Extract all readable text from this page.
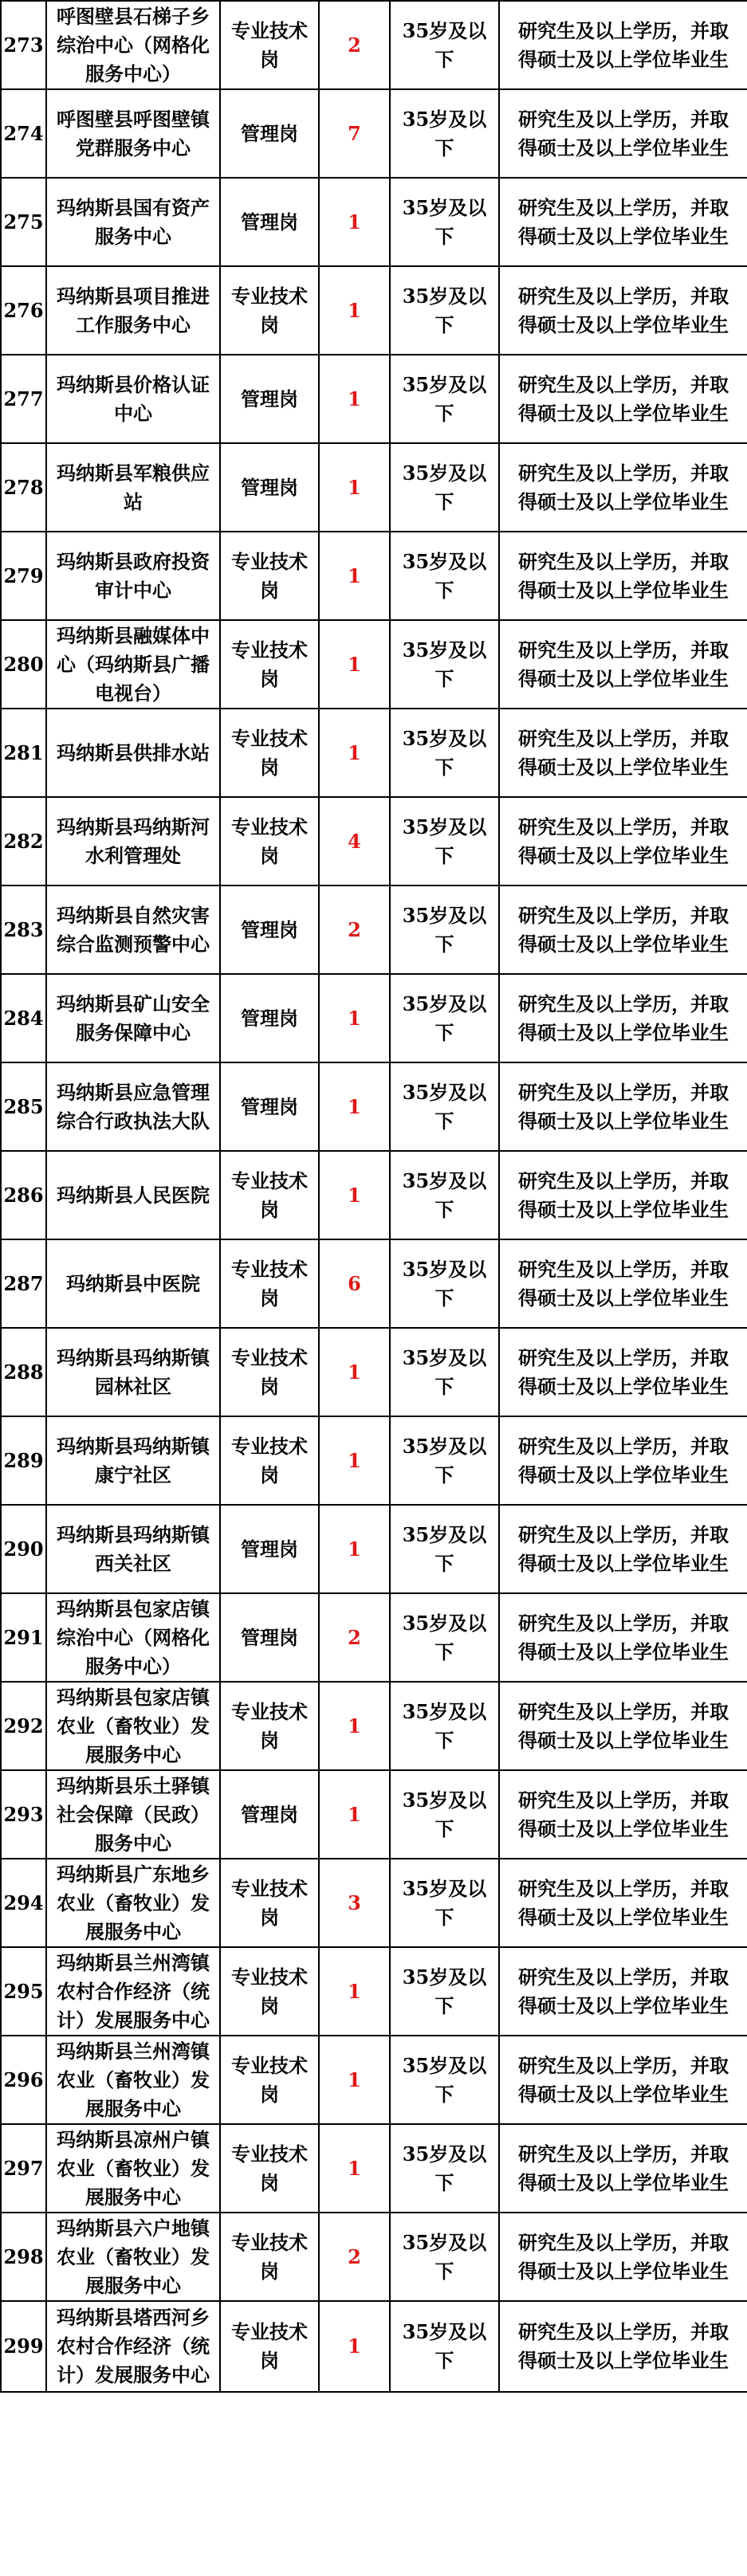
273	呼图壁县石梯子乡综治中心（网格化服务中心）	专业技术岗	2	35岁及以下	研究生及以上学历，并取得硕士及以上学位毕业生
274	呼图壁县呼图壁镇党群服务中心	管理岗	7	35岁及以下	研究生及以上学历，并取得硕士及以上学位毕业生
275	玛纳斯县国有资产服务中心	管理岗	1	35岁及以下	研究生及以上学历，并取得硕士及以上学位毕业生
276	玛纳斯县项目推进工作服务中心	专业技术岗	1	35岁及以下	研究生及以上学历，并取得硕士及以上学位毕业生
277	玛纳斯县价格认证中心	管理岗	1	35岁及以下	研究生及以上学历，并取得硕士及以上学位毕业生
278	玛纳斯县军粮供应站	管理岗	1	35岁及以下	研究生及以上学历，并取得硕士及以上学位毕业生
279	玛纳斯县政府投资审计中心	专业技术岗	1	35岁及以下	研究生及以上学历，并取得硕士及以上学位毕业生
280	玛纳斯县融媒体中心（玛纳斯县广播电视台）	专业技术岗	1	35岁及以下	研究生及以上学历，并取得硕士及以上学位毕业生
281	玛纳斯县供排水站	专业技术岗	1	35岁及以下	研究生及以上学历，并取得硕士及以上学位毕业生
282	玛纳斯县玛纳斯河水利管理处	专业技术岗	4	35岁及以下	研究生及以上学历，并取得硕士及以上学位毕业生
283	玛纳斯县自然灾害综合监测预警中心	管理岗	2	35岁及以下	研究生及以上学历，并取得硕士及以上学位毕业生
284	玛纳斯县矿山安全服务保障中心	管理岗	1	35岁及以下	研究生及以上学历，并取得硕士及以上学位毕业生
285	玛纳斯县应急管理综合行政执法大队	管理岗	1	35岁及以下	研究生及以上学历，并取得硕士及以上学位毕业生
286	玛纳斯县人民医院	专业技术岗	1	35岁及以下	研究生及以上学历，并取得硕士及以上学位毕业生
287	玛纳斯县中医院	专业技术岗	6	35岁及以下	研究生及以上学历，并取得硕士及以上学位毕业生
288	玛纳斯县玛纳斯镇园林社区	专业技术岗	1	35岁及以下	研究生及以上学历，并取得硕士及以上学位毕业生
289	玛纳斯县玛纳斯镇康宁社区	专业技术岗	1	35岁及以下	研究生及以上学历，并取得硕士及以上学位毕业生
290	玛纳斯县玛纳斯镇西关社区	管理岗	1	35岁及以下	研究生及以上学历，并取得硕士及以上学位毕业生
291	玛纳斯县包家店镇综治中心（网格化服务中心）	管理岗	2	35岁及以下	研究生及以上学历，并取得硕士及以上学位毕业生
292	玛纳斯县包家店镇农业（畜牧业）发展服务中心	专业技术岗	1	35岁及以下	研究生及以上学历，并取得硕士及以上学位毕业生
293	玛纳斯县乐土驿镇社会保障（民政）服务中心	管理岗	1	35岁及以下	研究生及以上学历，并取得硕士及以上学位毕业生
294	玛纳斯县广东地乡农业（畜牧业）发展服务中心	专业技术岗	3	35岁及以下	研究生及以上学历，并取得硕士及以上学位毕业生
295	玛纳斯县兰州湾镇农村合作经济（统计）发展服务中心	专业技术岗	1	35岁及以下	研究生及以上学历，并取得硕士及以上学位毕业生
296	玛纳斯县兰州湾镇农业（畜牧业）发展服务中心	专业技术岗	1	35岁及以下	研究生及以上学历，并取得硕士及以上学位毕业生
297	玛纳斯县凉州户镇农业（畜牧业）发展服务中心	专业技术岗	1	35岁及以下	研究生及以上学历，并取得硕士及以上学位毕业生
298	玛纳斯县六户地镇农业（畜牧业）发展服务中心	专业技术岗	2	35岁及以下	研究生及以上学历，并取得硕士及以上学位毕业生
299	玛纳斯县塔西河乡农村合作经济（统计）发展服务中心	专业技术岗	1	35岁及以下	研究生及以上学历，并取得硕士及以上学位毕业生
